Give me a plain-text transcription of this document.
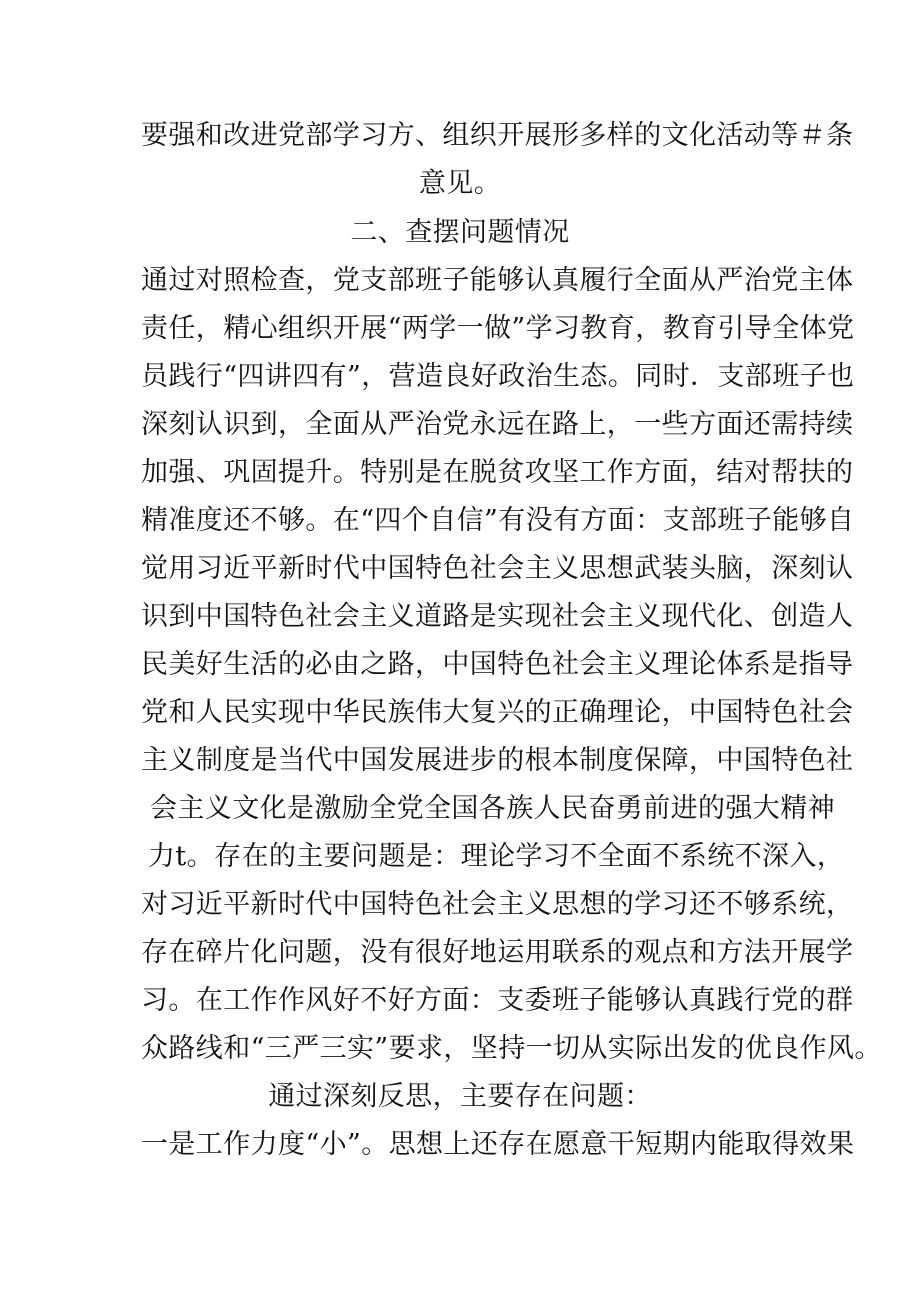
要强和改进党部学习方、组织开展形多样的文化活动等＃条
意见。
二、查摆问题情况
通过对照检查，党支部班子能够认真履行全面从严治党主体
责任，精心组织开展“两学一做”学习教育，教育引导全体党
员践行“四讲四有”，营造良好政治生态。同时．支部班子也
深刻认识到，全面从严治党永远在路上，一些方面还需持续
加强、巩固提升。特别是在脱贫攻坚工作方面，结对帮扶的
精准度还不够。在“四个自信”有没有方面：支部班子能够自
觉用习近平新时代中国特色社会主义思想武装头脑，深刻认
识到中国特色社会主义道路是实现社会主义现代化、创造人
民美好生活的必由之路，中国特色社会主义理论体系是指导
党和人民实现中华民族伟大复兴的正确理论，中国特色社会
主义制度是当代中国发展进步的根本制度保障，中国特色社
会主义文化是激励全党全国各族人民奋勇前进的强大精神
力t。存在的主要问题是：理论学习不全面不系统不深入，
对习近平新时代中国特色社会主义思想的学习还不够系统，
存在碎片化问题，没有很好地运用联系的观点和方法开展学
习。在工作作风好不好方面：支委班子能够认真践行党的群
众路线和“三严三实”要求，坚持一切从实际出发的优良作风。
通过深刻反思，主要存在问题：
一是工作力度“小”。思想上还存在愿意干短期内能取得效果
